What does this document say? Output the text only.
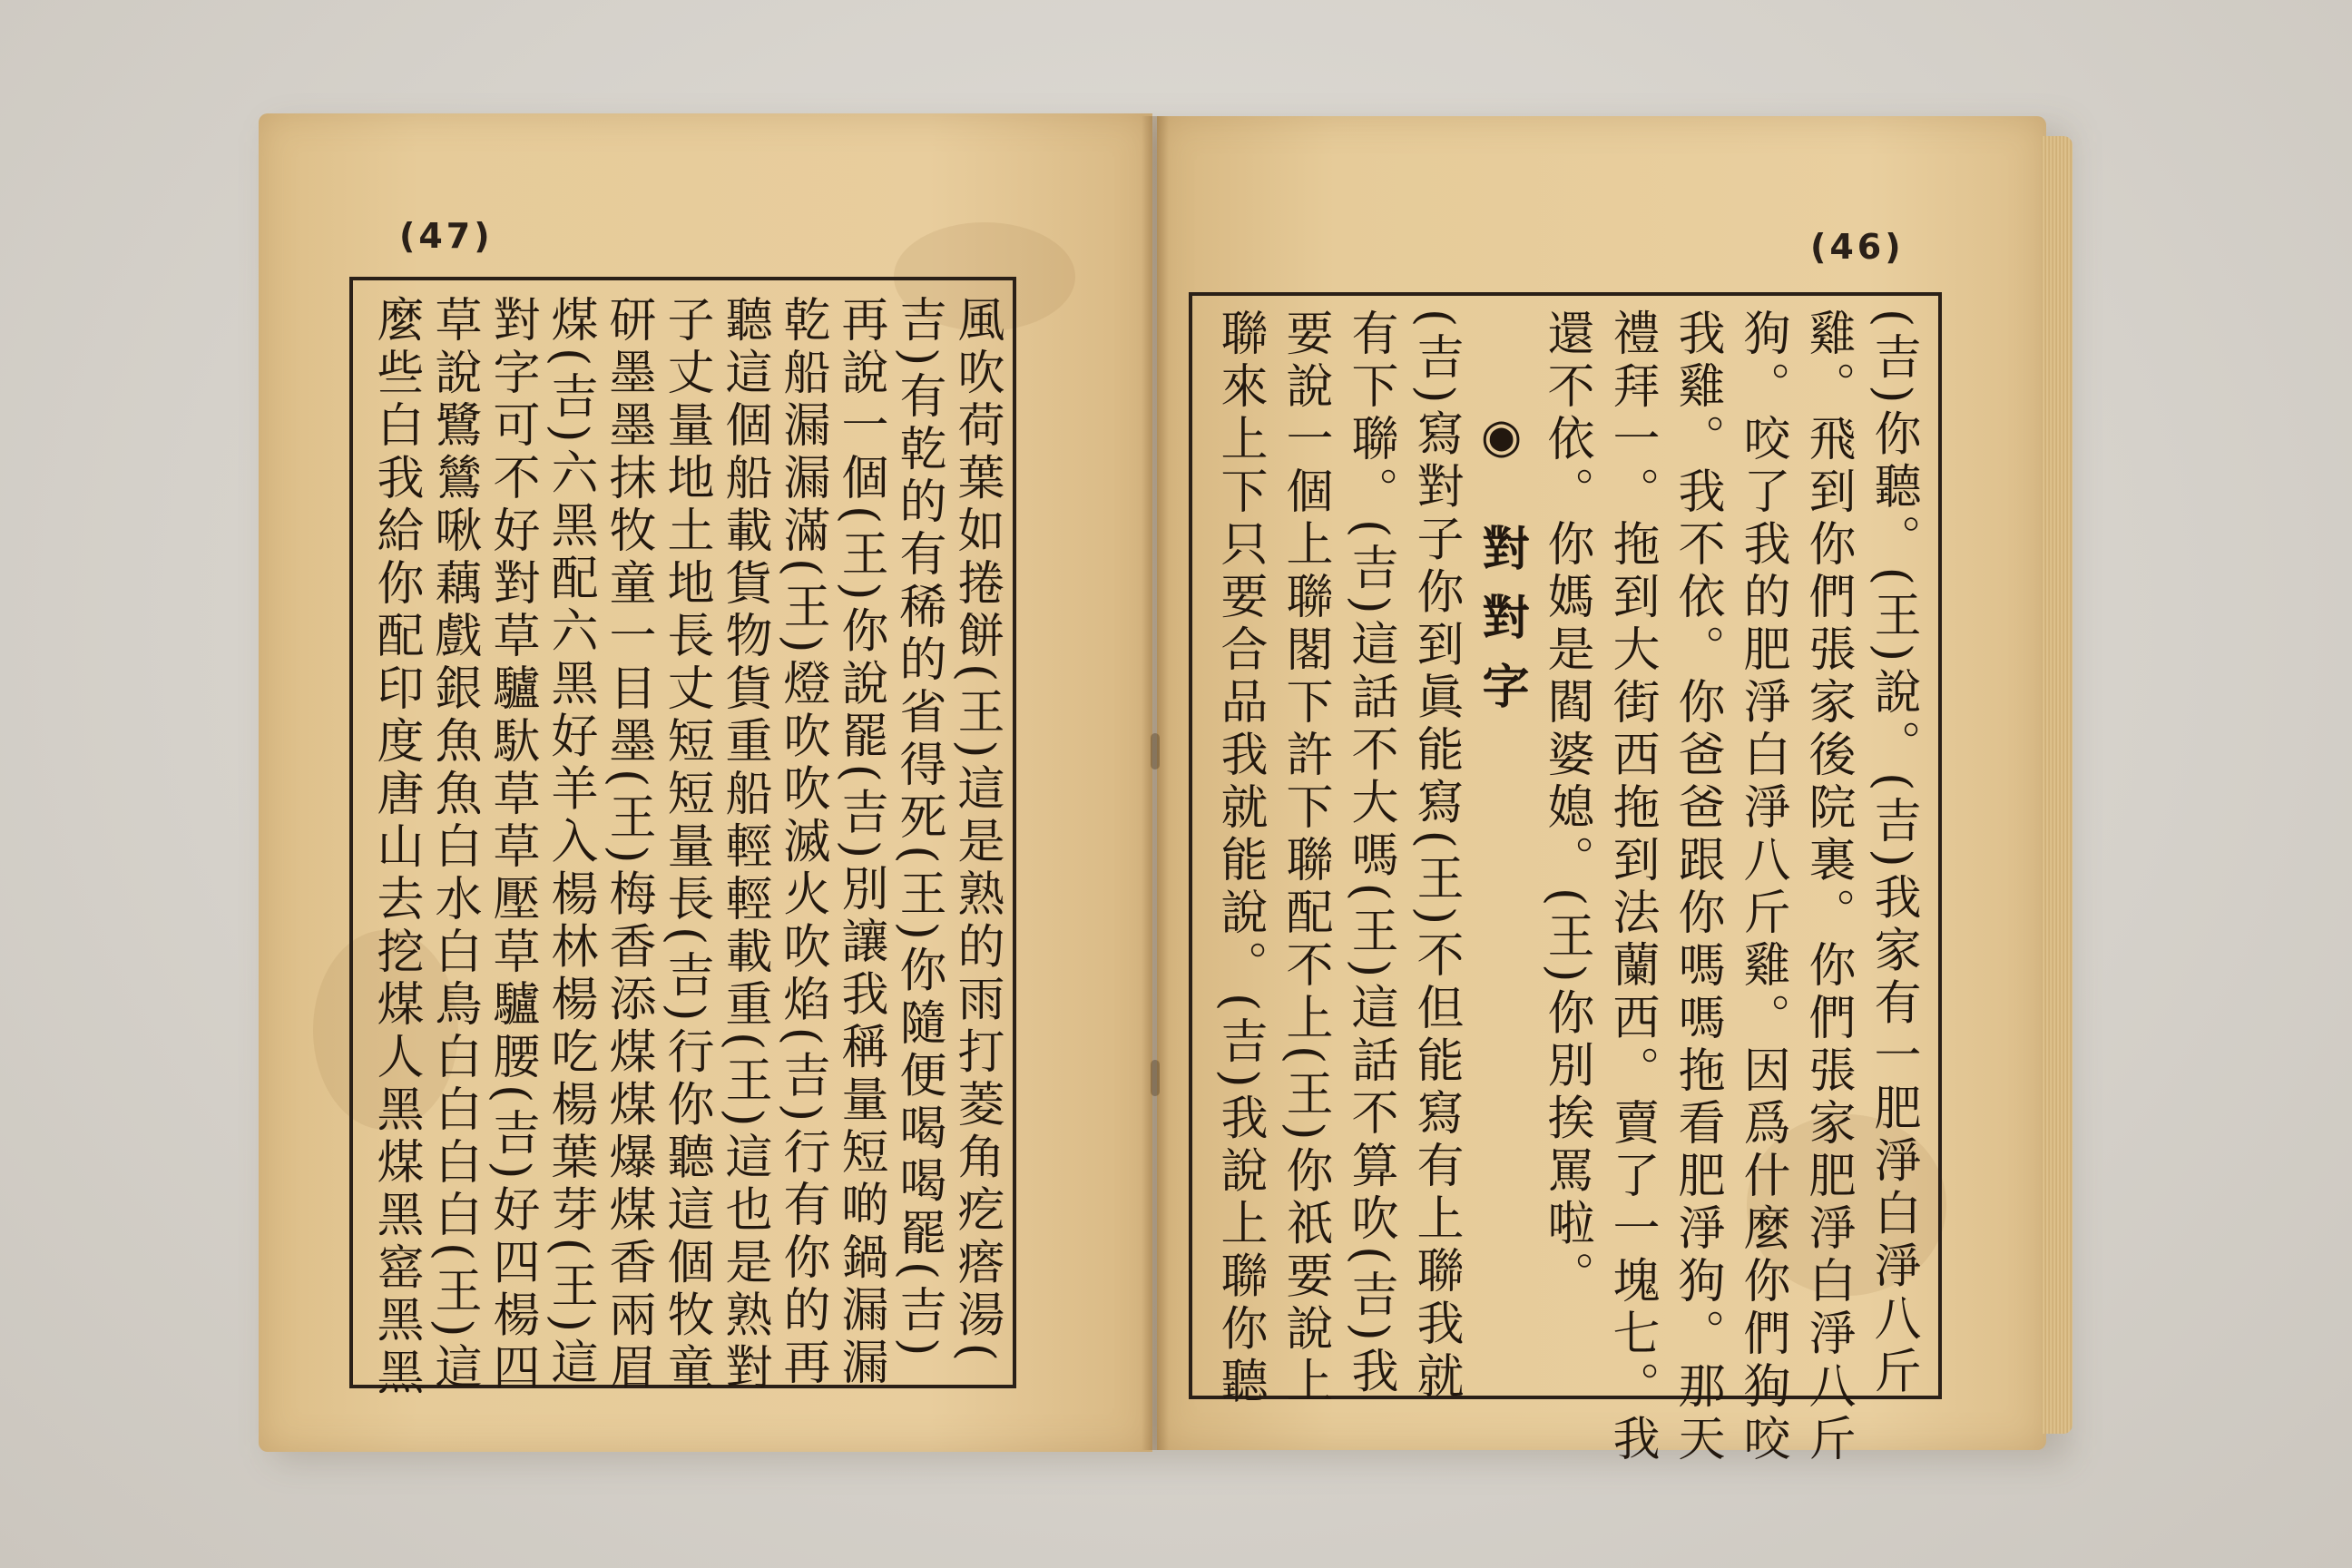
(47)
風吹荷葉如捲餅(王)這是熟的雨打菱角疙瘩湯(
吉)有乾的有稀的省得死(王)你隨便喝喝罷(吉)
再說一個(王)你說罷(吉)別讓我稱量短啲鍋漏漏
乾船漏漏滿(王)燈吹吹滅火吹焰(吉)行有你的再
聽這個船載貨物貨重船輕輕載重(王)這也是熟對
子丈量地土地長丈短短量長(吉)行你聽這個牧童
研墨墨抹牧童一目墨(王)梅香添煤煤爆煤香兩眉
煤(吉)六黑配六黑好羊入楊林楊吃楊葉芽(王)這
對字可不好對草驢馱草草壓草驢腰(吉)好四楊四
草說鷺鷥啾藕戲銀魚魚白水白鳥白白白白(王)這
麼些白我給你配印度唐山去挖煤人黑煤黑窰黑黑
(46)
(吉)你聽。(王)說。(吉)我家有一肥淨白淨八斤
雞。飛到你們張家後院裏。你們張家肥淨白淨八斤
狗。咬了我的肥淨白淨八斤雞。因爲什麼你們狗咬
我雞。我不依。你爸爸跟你嗎嗎拖看肥淨狗。那天
禮拜一。拖到大街西拖到法蘭西。賣了一塊七。我
還不依。你媽是閻婆媳。(王)你別挨罵啦。
◉ 對對字
(吉)寫對子你到眞能寫(王)不但能寫有上聯我就
有下聯。(吉)這話不大嗎(王)這話不算吹(吉)我
要說一個上聯閣下許下聯配不上(王)你祇要說上
聯來上下只要合品我就能說。(吉)我說上聯你聽
